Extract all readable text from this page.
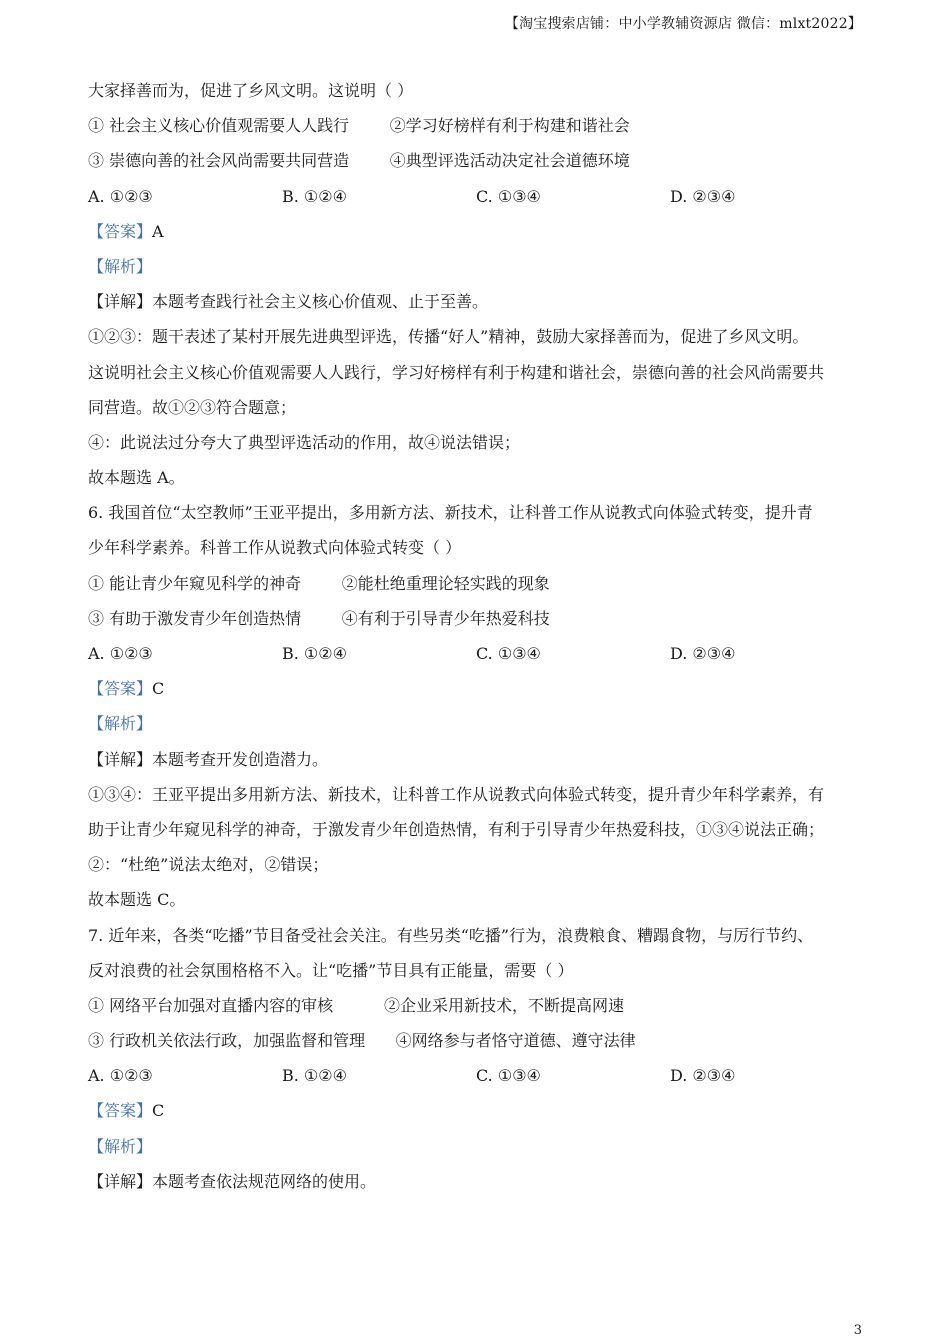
【淘宝搜索店铺：中小学教辅资源店 微信：mlxt2022】
大家择善而为，促进了乡风文明。这说明（ ）
① 社会主义核心价值观需要人人践行        ②学习好榜样有利于构建和谐社会
③ 崇德向善的社会风尚需要共同营造        ④典型评选活动决定社会道德环境
A. ①②③	B. ①②④	C. ①③④	D. ②③④
【答案】A
【解析】
【详解】本题考查践行社会主义核心价值观、止于至善。
①②③：题干表述了某村开展先进典型评选，传播“好人”精神，鼓励大家择善而为，促进了乡风文明。
这说明社会主义核心价值观需要人人践行，学习好榜样有利于构建和谐社会，崇德向善的社会风尚需要共
同营造。故①②③符合题意；
④：此说法过分夸大了典型评选活动的作用，故④说法错误；
故本题选 A。
6. 我国首位“太空教师”王亚平提出，多用新方法、新技术，让科普工作从说教式向体验式转变，提升青
少年科学素养。科普工作从说教式向体验式转变（ ）
① 能让青少年窥见科学的神奇        ②能杜绝重理论轻实践的现象
③ 有助于激发青少年创造热情        ④有利于引导青少年热爱科技
A. ①②③	B. ①②④	C. ①③④	D. ②③④
【答案】C
【解析】
【详解】本题考查开发创造潜力。
①③④：王亚平提出多用新方法、新技术，让科普工作从说教式向体验式转变，提升青少年科学素养，有
助于让青少年窥见科学的神奇，于激发青少年创造热情，有利于引导青少年热爱科技，①③④说法正确；
②：“杜绝”说法太绝对，②错误；
故本题选 C。
7. 近年来，各类“吃播”节目备受社会关注。有些另类“吃播”行为，浪费粮食、糟蹋食物，与厉行节约、
反对浪费的社会氛围格格不入。让“吃播”节目具有正能量，需要（ ）
① 网络平台加强对直播内容的审核          ②企业采用新技术，不断提高网速
③ 行政机关依法行政，加强监督和管理      ④网络参与者恪守道德、遵守法律
A. ①②③	B. ①②④	C. ①③④	D. ②③④
【答案】C
【解析】
【详解】本题考查依法规范网络的使用。
3
